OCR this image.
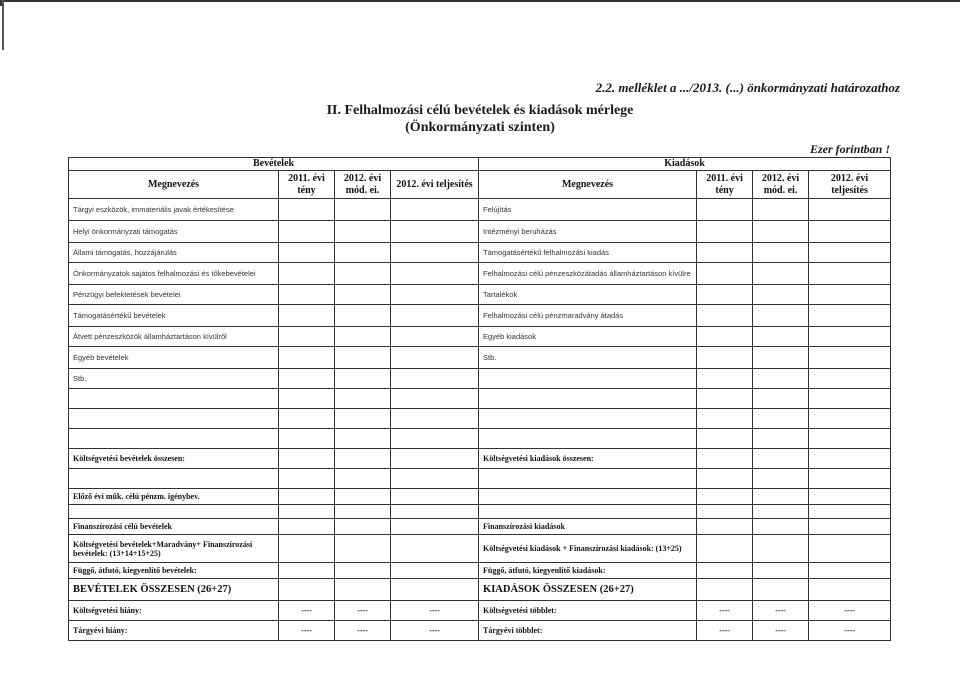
2.2. melléklet a .../2013. (...) önkormányzati határozathoz
II. Felhalmozási célú bevételek és kiadások mérlege
(Önkormányzati szinten)
Ezer forintban !
Bevételek				Kiadások			
Megnevezés	2011. évi tény	2012. évi mód. ei.	2012. évi teljesítés	Megnevezés	2011. évi tény	2012. évi mód. ei.	2012. évi teljesítés
Tárgyi eszközök, immateriális javak értékesítése				Felújítás			
Helyi önkormányzati támogatás				Intézményi beruházás			
Állami támogatás, hozzájárulás				Támogatásértékű felhalmozási kiadás			
Önkormányzatok sajátos felhalmozási és tőkebevételei				Felhalmozási célú pénzeszközátadás államháztartáson kívülre			
Pénzügyi befektetések bevételei				Tartalékok			
Támogatásértékű bevételek				Felhalmozási célú pénzmaradvány átadás			
Átvett pénzeszközök államháztartáson kívülről				Egyéb kiadások			
Egyéb bevételek				Stb.			
Stb.							

Költségvetési bevételek összesen:				Költségvetési kiadások összesen:			

Előző évi műk. célú pénzm. igénybev.							

Finanszírozási célú bevételek				Finanszírozási kiadások			
Költségvetési bevételek+Maradvány+ Finanszírozási bevételek: (13+14+15+25)				Költségvetési kiadások + Finanszírozási kiadások: (13+25)			
Függő, átfutó, kiegyenlítő bevételek:				Függő, átfutó, kiegyenlítő kiadások:			
BEVÉTELEK ÖSSZESEN (26+27)				KIADÁSOK ÖSSZESEN (26+27)			
Költségvetési hiány:	----	----	----	Költségvetési többlet:	----	----	----
Tárgyévi hiány:	----	----	----	Tárgyévi többlet:	----	----	----
